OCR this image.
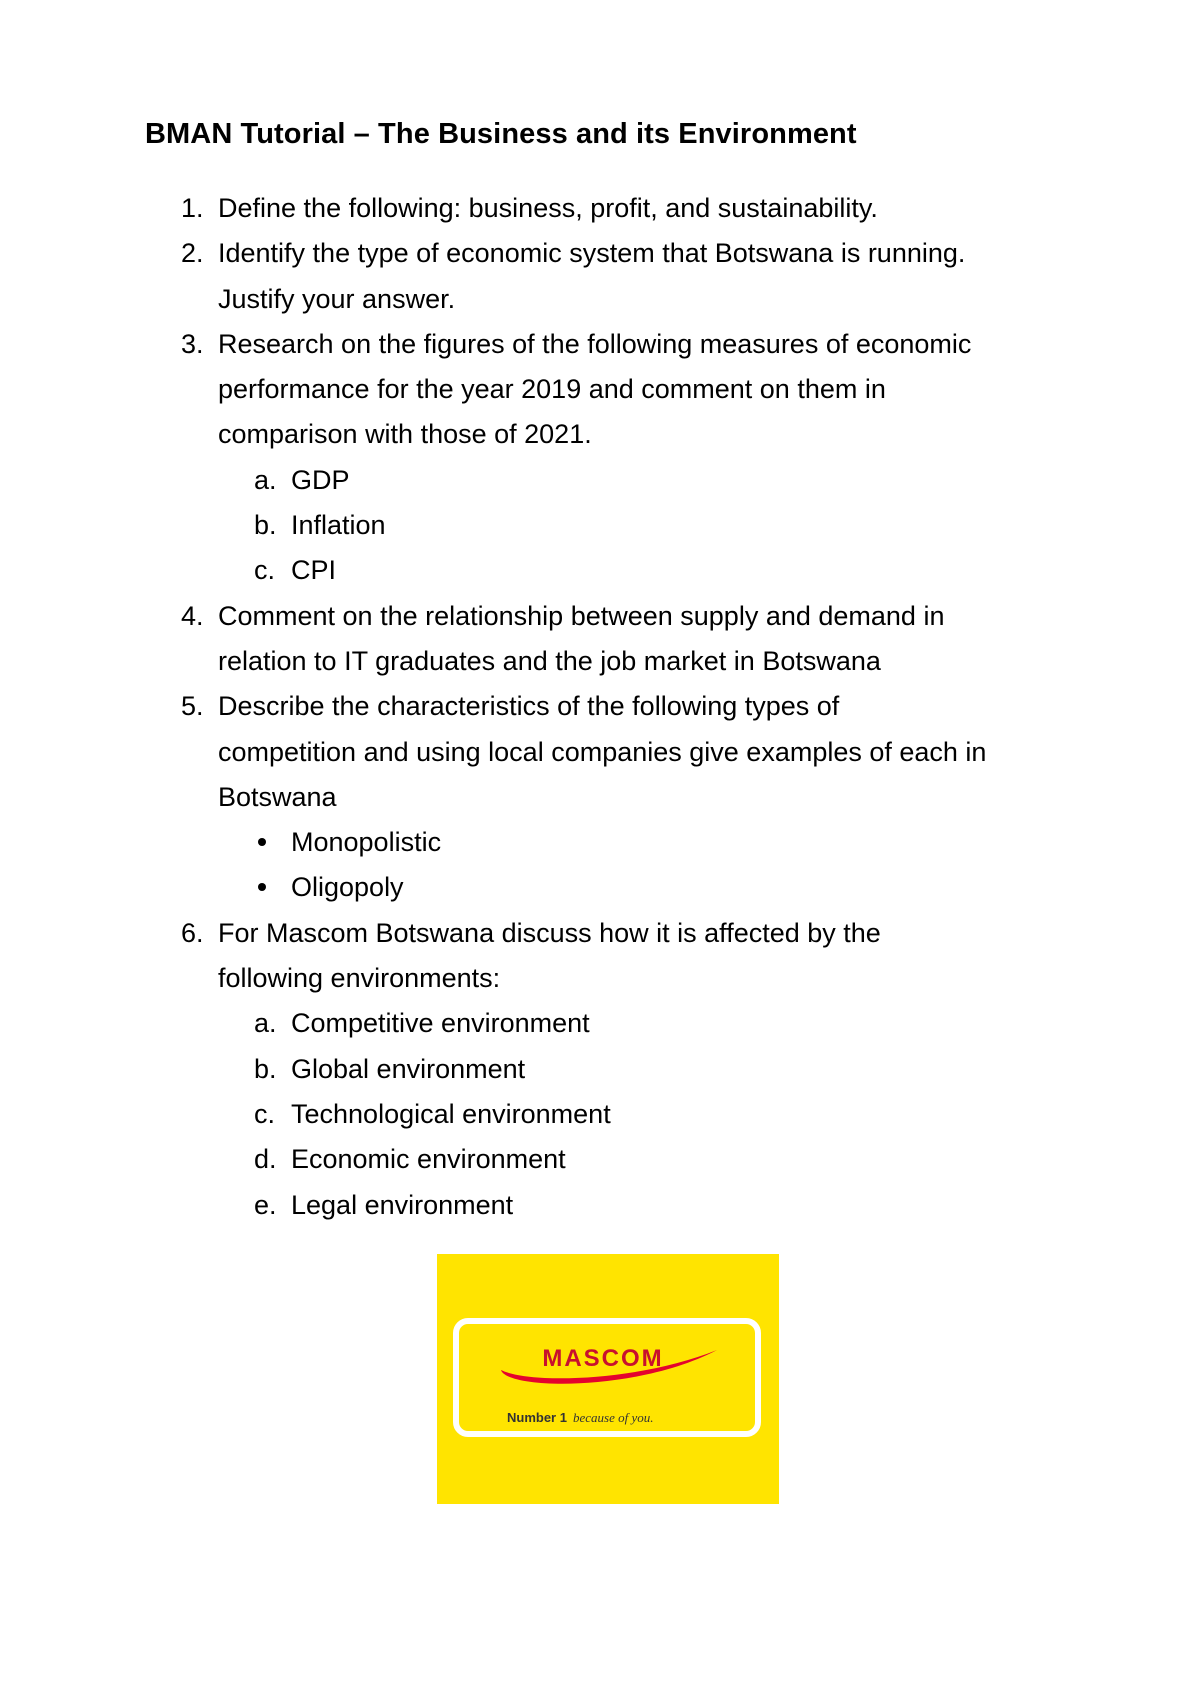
BMAN Tutorial – The Business and its Environment
1. Define the following: business, profit, and sustainability.
2. Identify the type of economic system that Botswana is running.
Justify your answer.
3. Research on the figures of the following measures of economic
performance for the year 2019 and comment on them in
comparison with those of 2021.
a. GDP
b. Inflation
c. CPI
4. Comment on the relationship between supply and demand in
relation to IT graduates and the job market in Botswana
5. Describe the characteristics of the following types of
competition and using local companies give examples of each in
Botswana
Monopolistic
Oligopoly
6. For Mascom Botswana discuss how it is affected by the
following environments:
a. Competitive environment
b. Global environment
c. Technological environment
d. Economic environment
e. Legal environment
MASCOM
Number 1 because of you.
